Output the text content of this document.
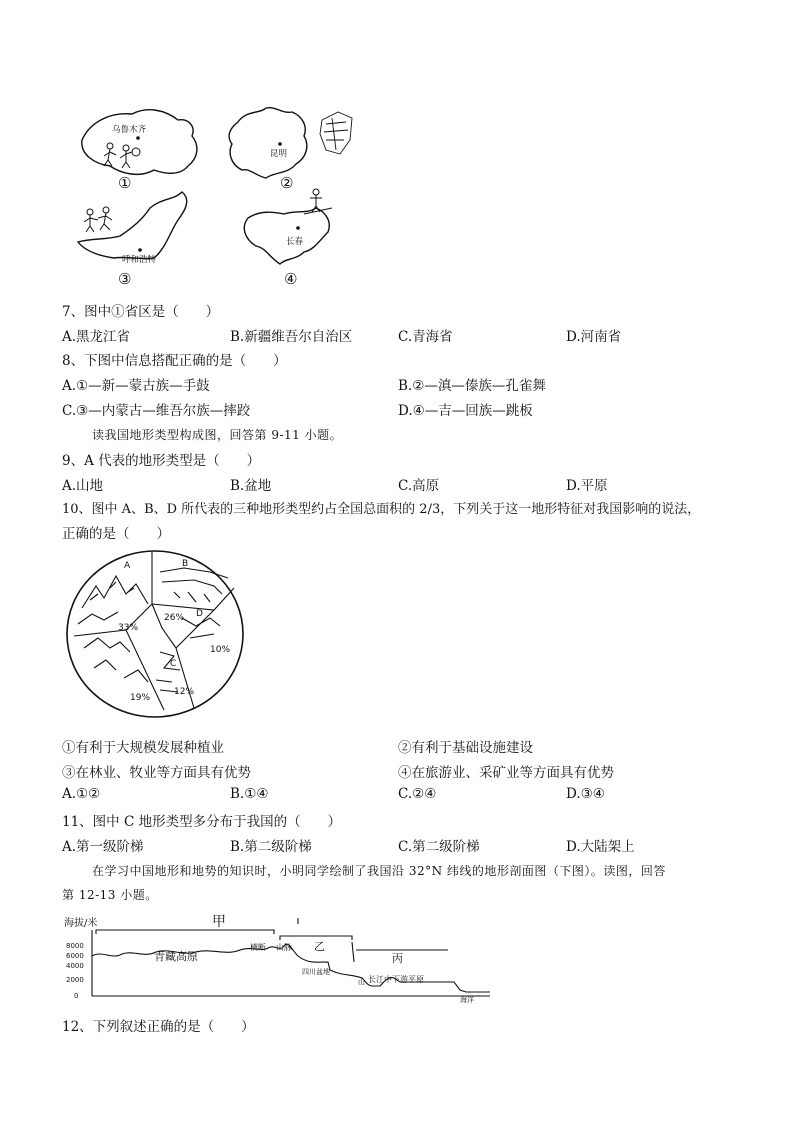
乌鲁木齐
①
昆明
②
呼和浩特
③
长春
④
7、图中①省区是（　　）
A.黑龙江省	B.新疆维吾尔自治区	C.青海省	D.河南省
8、下图中信息搭配正确的是（　　）
A.①—新—蒙古族—手鼓	B.②—滇—傣族—孔雀舞
C.③—内蒙古—维吾尔族—摔跤	D.④—吉—回族—跳板
读我国地形类型构成图，回答第 9-11 小题。
9、A 代表的地形类型是（　　）
A.山地	B.盆地	C.高原	D.平原
10、图中 A、B、D 所代表的三种地形类型约占全国总面积的 2/3，下列关于这一地形特征对我国影响的说法，
正确的是（　　）
A	B
C
D
33%
26%
12%
10%
19%
①有利于大规模发展种植业	②有利于基础设施建设
③在林业、牧业等方面具有优势	④在旅游业、采矿业等方面具有优势
A.①②	B.①④	C.②④	D.③④
11、图中 C 地形类型多分布于我国的（　　）
A.第一级阶梯	B.第二级阶梯	C.第二级阶梯	D.大陆架上
在学习中国地形和地势的知识时，小明同学绘制了我国沿 32°N 纬线的地形剖面图（下图）。读图，回答
第 12-13 小题。
海拔/米
8000
6000
4000
2000
0
甲
乙
丙
青藏高原
横断 山脉
四川盆地
山 长江中下游平原
海洋
12、下列叙述正确的是（　　）
